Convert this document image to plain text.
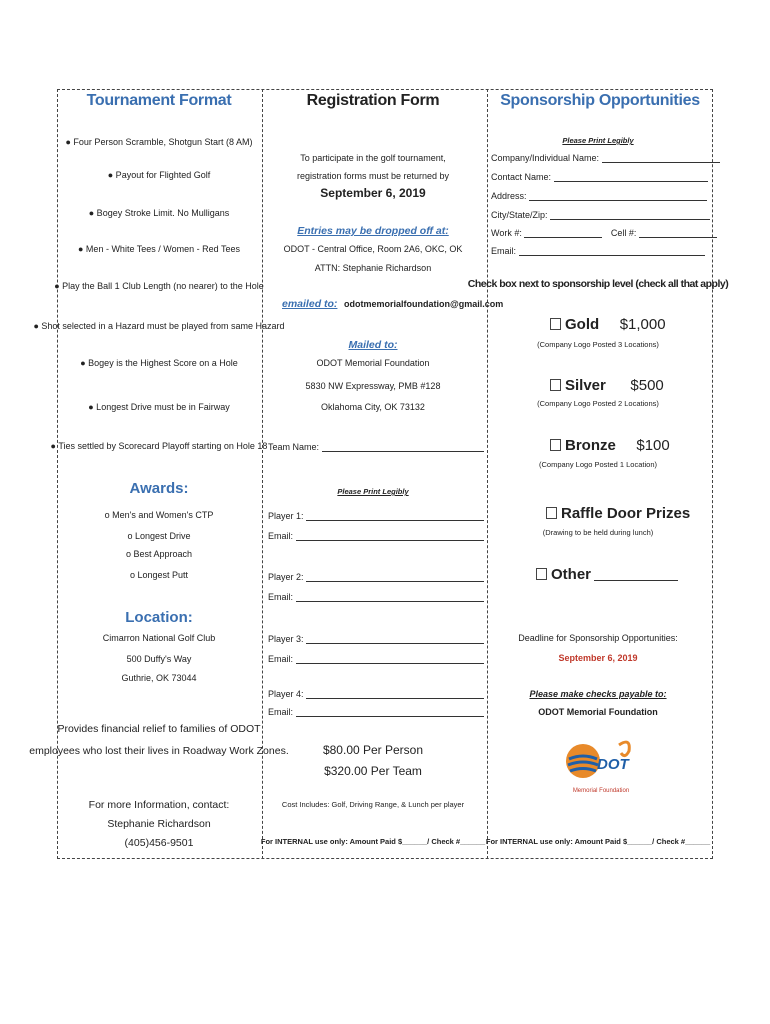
Tournament Format
● Four Person Scramble, Shotgun Start (8 AM)
● Payout for Flighted Golf
● Bogey Stroke Limit. No Mulligans
● Men - White Tees / Women - Red Tees
● Play the Ball 1 Club Length (no nearer) to the Hole
● Shot selected in a Hazard must be played from same Hazard
● Bogey is the Highest Score on a Hole
● Longest Drive must be in Fairway
● Ties settled by Scorecard Playoff starting on Hole 18
Awards:
o Men's and Women's CTP
o Longest Drive
o Best Approach
o Longest Putt
Location:
Cimarron National Golf Club
500 Duffy's Way
Guthrie, OK 73044
Provides financial relief to families of ODOT
employees who lost their lives in Roadway Work Zones.
For more Information, contact:
Stephanie Richardson
(405)456-9501
Registration Form
To participate in the golf tournament,
registration forms must be returned by
September 6, 2019
Entries may be dropped off at:
ODOT - Central Office, Room 2A6, OKC, OK
ATTN: Stephanie Richardson
emailed to: odotmemorialfoundation@gmail.com
Mailed to:
ODOT Memorial Foundation
5830 NW Expressway, PMB #128
Oklahoma City, OK 73132
Team Name:
Please Print Legibly
Player 1:
Email:
Player 2:
Email:
Player 3:
Email:
Player 4:
Email:
$80.00 Per Person
$320.00 Per Team
Cost Includes: Golf, Driving Range, & Lunch per player
For INTERNAL use only: Amount Paid $______/ Check #______
Sponsorship Opportunities
Please Print Legibly
Company/Individual Name:
Contact Name:
Address:
City/State/Zip:
Work #:	Cell #:
Email:
Check box next to sponsorship level (check all that apply)
Gold $1,000
(Company Logo Posted 3 Locations)
Silver $500
(Company Logo Posted 2 Locations)
Bronze $100
(Company Logo Posted 1 Location)
Raffle Door Prizes
(Drawing to be held during lunch)
Other
Deadline for Sponsorship Opportunities:
September 6, 2019
Please make checks payable to:
ODOT Memorial Foundation
DOT
Memorial Foundation
For INTERNAL use only: Amount Paid $______/ Check #______
